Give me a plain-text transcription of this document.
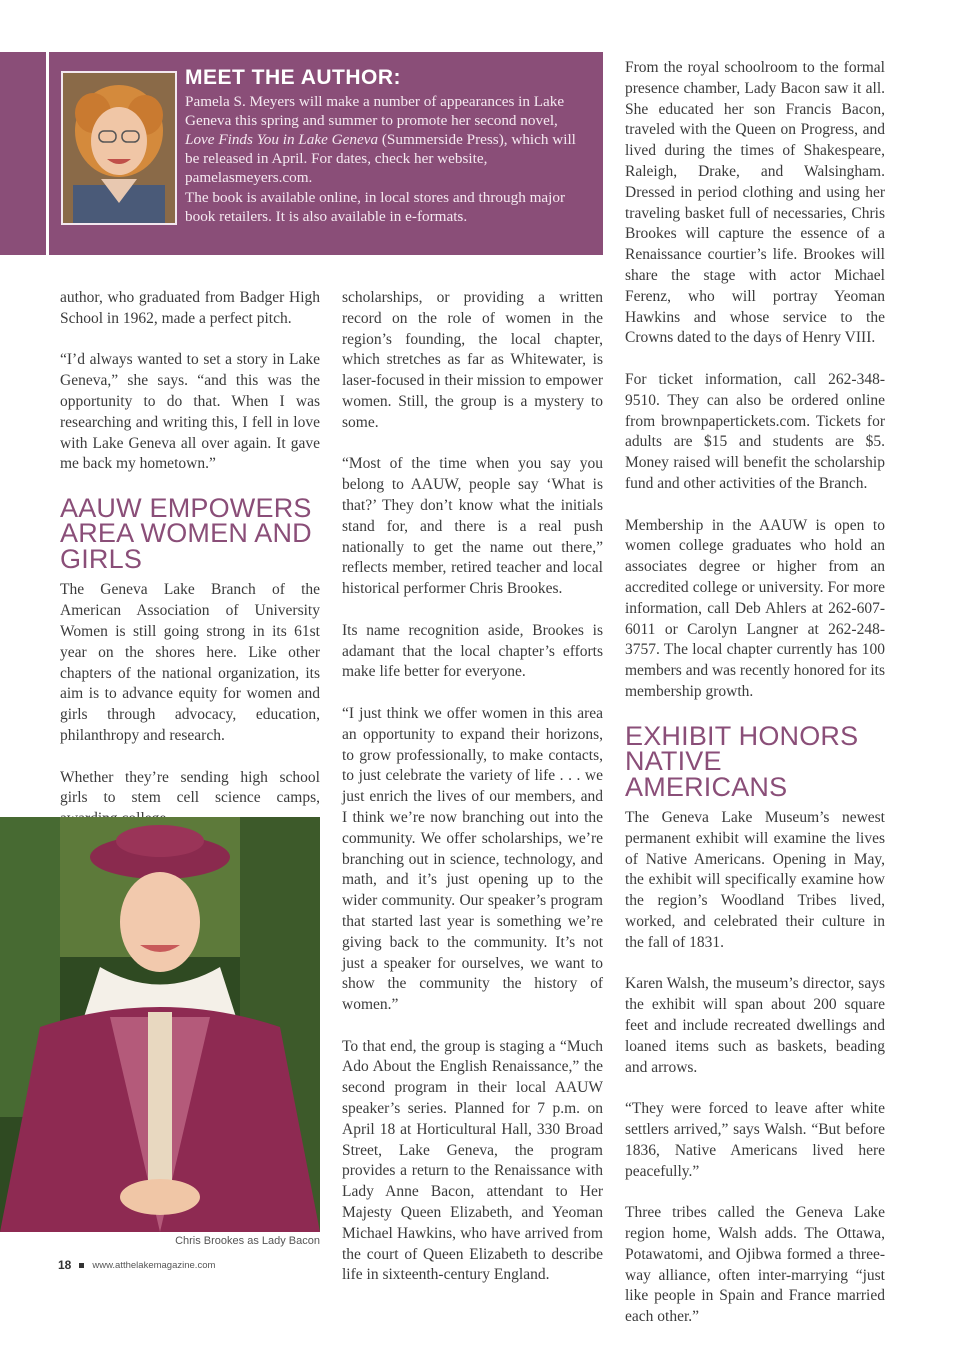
MEET THE AUTHOR:
Pamela S. Meyers will make a number of appearances in Lake Geneva this spring and summer to promote her second novel, Love Finds You in Lake Geneva (Summerside Press), which will be released in April. For dates, check her website, pamelasmeyers.com.
The book is available online, in local stores and through major book retailers. It is also available in e-formats.

author, who graduated from Badger High School in 1962, made a perfect pitch.

“I’d always wanted to set a story in Lake Geneva,” she says. “and this was the opportunity to do that. When I was researching and writing this, I fell in love with Lake Geneva all over again. It gave me back my hometown.”

AAUW EMPOWERS AREA WOMEN AND GIRLS

The Geneva Lake Branch of the American Association of University Women is still going strong in its 61st year on the shores here. Like other chapters of the national organization, its aim is to advance equity for women and girls through advocacy, education, philanthropy and research.

Whether they’re sending high school girls to stem cell science camps,

Chris Brookes as Lady Bacon

scholarships, or providing a written record on the role of women in the region’s founding, the local chapter, which stretches as far as Whitewater, is laser-focused in their mission to empower women. Still, the group is a mystery to some.

“Most of the time when you say you belong to AAUW, people say ‘What is that?’ They don’t know what the initials stand for, and there is a real push nationally to get the name out there,” reflects member, retired teacher and local historical performer Chris Brookes.

Its name recognition aside, Brookes is adamant that the local chapter’s efforts make life better for everyone.

“I just think we offer women in this area an opportunity to expand their horizons, to grow professionally, to make contacts, to just celebrate the variety of life . . . we just enrich the lives of our members, and I think we’re now branching out into the community. We offer scholarships, we’re branching out in science, technology, and math, and it’s just opening up to the wider community. Our speaker’s program that started last year is something we’re giving back to the community. It’s not just a speaker for ourselves, we want to show the community the history of women.”

To that end, the group is staging a “Much Ado About the English Renaissance,” the second program in their local AAUW speaker’s series. Planned for 7 p.m. on April 18 at Horticultural Hall, 330 Broad Street, Lake Geneva, the program provides a return to the Renaissance with Lady Anne Bacon, attendant to Her Majesty Queen Elizabeth, and Yeoman Michael Hawkins, who have arrived from the court of Queen Elizabeth to describe life in sixteenth-century England.

From the royal schoolroom to the formal presence chamber, Lady Bacon saw it all. She educated her son Francis Bacon, traveled with the Queen on Progress, and lived during the times of Shakespeare, Raleigh, Drake, and Walsingham. Dressed in period clothing and using her traveling basket full of necessaries, Chris Brookes will capture the essence of a Renaissance courtier’s life. Brookes will share the stage with actor Michael Ferenz, who will portray Yeoman Hawkins and whose service to the Crowns dated to the days of Henry VIII.

For ticket information, call 262-348-9510. They can also be ordered online from brownpapertickets.com. Tickets for adults are $15 and students are $5. Money raised will benefit the scholarship fund and other activities of the Branch.

Membership in the AAUW is open to women college graduates who hold an associates degree or higher from an accredited college or university. For more information, call Deb Ahlers at 262-607-6011 or Carolyn Langner at 262-248-3757. The local chapter currently has 100 members and was recently honored for its membership growth.

EXHIBIT HONORS NATIVE AMERICANS

The Geneva Lake Museum’s newest permanent exhibit will examine the lives of Native Americans. Opening in May, the exhibit will specifically examine how the region’s Woodland Tribes lived, worked, and celebrated their culture in the fall of 1831.

Karen Walsh, the museum’s director, says the exhibit will span about 200 square feet and include recreated dwellings and loaned items such as baskets, beading and arrows.

“They were forced to leave after white settlers arrived,” says Walsh. “But before 1836, Native Americans lived here peacefully.”

Three tribes called the Geneva Lake region home, Walsh adds. The Ottawa, Potawatomi, and Ojibwa formed a three-way alliance, often inter-marrying “just like people in Spain and France married each other.”

18 www.atthelakemagazine.com
